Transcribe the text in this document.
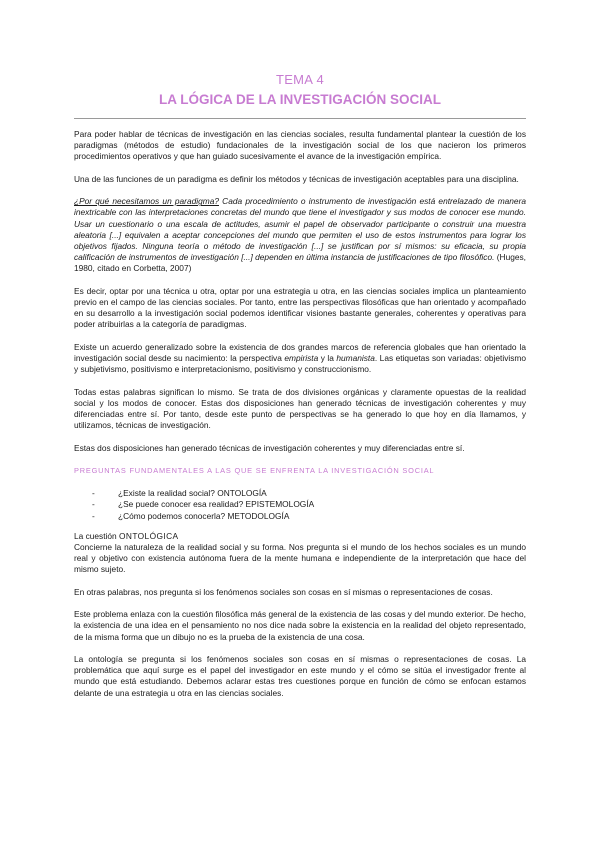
TEMA 4
LA LÓGICA DE LA INVESTIGACIÓN SOCIAL

Para poder hablar de técnicas de investigación en las ciencias sociales, resulta fundamental plantear la cuestión de los paradigmas (métodos de estudio) fundacionales de la investigación social de los que nacieron los primeros procedimientos operativos y que han guiado sucesivamente el avance de la investigación empírica.

Una de las funciones de un paradigma es definir los métodos y técnicas de investigación aceptables para una disciplina.

¿Por qué necesitamos un paradigma? Cada procedimiento o instrumento de investigación está entrelazado de manera inextricable con las interpretaciones concretas del mundo que tiene el investigador y sus modos de conocer ese mundo. Usar un cuestionario o una escala de actitudes, asumir el papel de observador participante o construir una muestra aleatoria [...] equivalen a aceptar concepciones del mundo que permiten el uso de estos instrumentos para lograr los objetivos fijados. Ninguna teoría o método de investigación [...] se justifican por sí mismos: su eficacia, su propia calificación de instrumentos de investigación [...] dependen en última instancia de justificaciones de tipo filosófico. (Huges, 1980, citado en Corbetta, 2007)

Es decir, optar por una técnica u otra, optar por una estrategia u otra, en las ciencias sociales implica un planteamiento previo en el campo de las ciencias sociales. Por tanto, entre las perspectivas filosóficas que han orientado y acompañado en su desarrollo a la investigación social podemos identificar visiones bastante generales, coherentes y operativas para poder atribuirlas a la categoría de paradigmas.

Existe un acuerdo generalizado sobre la existencia de dos grandes marcos de referencia globales que han orientado la investigación social desde su nacimiento: la perspectiva empirista y la humanista. Las etiquetas son variadas: objetivismo y subjetivismo, positivismo e interpretacionismo, positivismo y construccionismo.

Todas estas palabras significan lo mismo. Se trata de dos divisiones orgánicas y claramente opuestas de la realidad social y los modos de conocer. Estas dos disposiciones han generado técnicas de investigación coherentes y muy diferenciadas entre sí. Por tanto, desde este punto de perspectivas se ha generado lo que hoy en día llamamos, y utilizamos, técnicas de investigación.

Estas dos disposiciones han generado técnicas de investigación coherentes y muy diferenciadas entre sí.

PREGUNTAS FUNDAMENTALES A LAS QUE SE ENFRENTA LA INVESTIGACIÓN SOCIAL
- ¿Existe la realidad social? ONTOLOGÍA
- ¿Se puede conocer esa realidad? EPISTEMOLOGÍA
- ¿Cómo podemos conocerla? METODOLOGÍA
La cuestión ONTOLÓGICA

Concierne la naturaleza de la realidad social y su forma. Nos pregunta si el mundo de los hechos sociales es un mundo real y objetivo con existencia autónoma fuera de la mente humana e independiente de la interpretación que hace del mismo sujeto.

En otras palabras, nos pregunta si los fenómenos sociales son cosas en sí mismas o representaciones de cosas.

Este problema enlaza con la cuestión filosófica más general de la existencia de las cosas y del mundo exterior. De hecho, la existencia de una idea en el pensamiento no nos dice nada sobre la existencia en la realidad del objeto representado, de la misma forma que un dibujo no es la prueba de la existencia de una cosa.

La ontología se pregunta si los fenómenos sociales son cosas en sí mismas o representaciones de cosas. La problemática que aquí surge es el papel del investigador en este mundo y el cómo se sitúa el investigador frente al mundo que está estudiando. Debemos aclarar estas tres cuestiones porque en función de cómo se enfocan estamos delante de una estrategia u otra en las ciencias sociales.
